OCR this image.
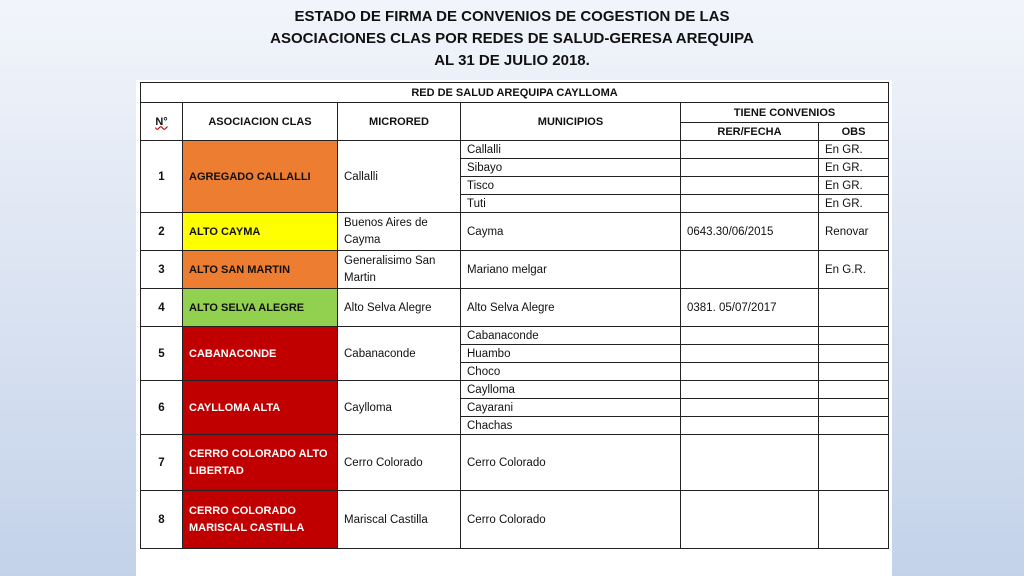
ESTADO DE FIRMA DE CONVENIOS DE COGESTION DE LAS
ASOCIACIONES CLAS POR REDES DE SALUD-GERESA AREQUIPA
AL 31 DE JULIO 2018.
RED DE SALUD AREQUIPA CAYLLOMA					
N°	ASOCIACION CLAS	MICRORED	MUNICIPIOS	TIENE CONVENIOS	
				RER/FECHA	OBS
1	AGREGADO CALLALLI	Callalli	Callalli		En GR.
			Sibayo		En GR.
			Tisco		En GR.
			Tuti		En GR.
2	ALTO CAYMA	Buenos Aires de Cayma	Cayma	0643.30/06/2015	Renovar
3	ALTO SAN MARTIN	Generalisimo San Martin	Mariano melgar		En G.R.
4	ALTO SELVA ALEGRE	Alto Selva Alegre	Alto Selva Alegre	0381. 05/07/2017	
5	CABANACONDE	Cabanaconde	Cabanaconde		
			Huambo		
			Choco		
6	CAYLLOMA ALTA	Caylloma	Caylloma		
			Cayarani		
			Chachas		
7	CERRO COLORADO ALTO LIBERTAD	Cerro Colorado	Cerro Colorado		
8	CERRO COLORADO MARISCAL CASTILLA	Mariscal Castilla	Cerro Colorado		
